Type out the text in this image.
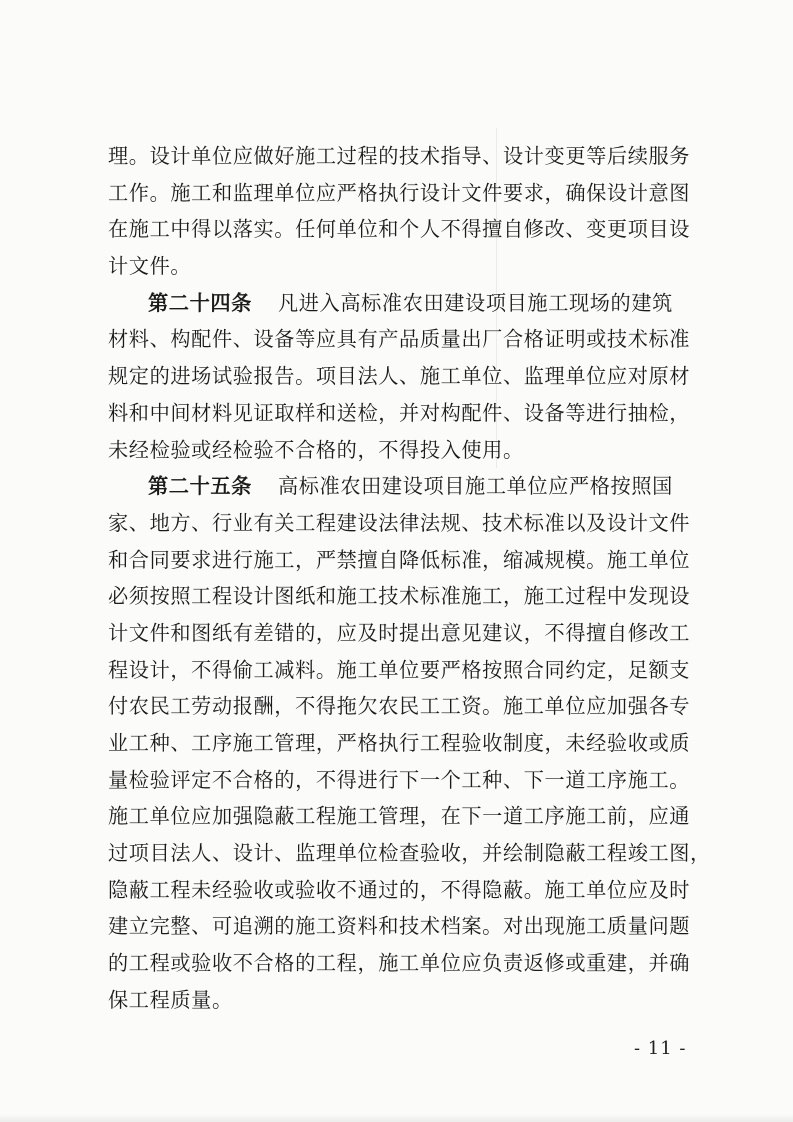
理。设计单位应做好施工过程的技术指导、设计变更等后续服务
工作。施工和监理单位应严格执行设计文件要求，确保设计意图
在施工中得以落实。任何单位和个人不得擅自修改、变更项目设
计文件。
第二十四条 凡进入高标准农田建设项目施工现场的建筑
材料、构配件、设备等应具有产品质量出厂合格证明或技术标准
规定的进场试验报告。项目法人、施工单位、监理单位应对原材
料和中间材料见证取样和送检，并对构配件、设备等进行抽检，
未经检验或经检验不合格的，不得投入使用。
第二十五条 高标准农田建设项目施工单位应严格按照国
家、地方、行业有关工程建设法律法规、技术标准以及设计文件
和合同要求进行施工，严禁擅自降低标准，缩减规模。施工单位
必须按照工程设计图纸和施工技术标准施工，施工过程中发现设
计文件和图纸有差错的，应及时提出意见建议，不得擅自修改工
程设计，不得偷工减料。施工单位要严格按照合同约定，足额支
付农民工劳动报酬，不得拖欠农民工工资。施工单位应加强各专
业工种、工序施工管理，严格执行工程验收制度，未经验收或质
量检验评定不合格的，不得进行下一个工种、下一道工序施工。
施工单位应加强隐蔽工程施工管理，在下一道工序施工前，应通
过项目法人、设计、监理单位检查验收，并绘制隐蔽工程竣工图，
隐蔽工程未经验收或验收不通过的，不得隐蔽。施工单位应及时
建立完整、可追溯的施工资料和技术档案。对出现施工质量问题
的工程或验收不合格的工程，施工单位应负责返修或重建，并确
保工程质量。
- 11 -
